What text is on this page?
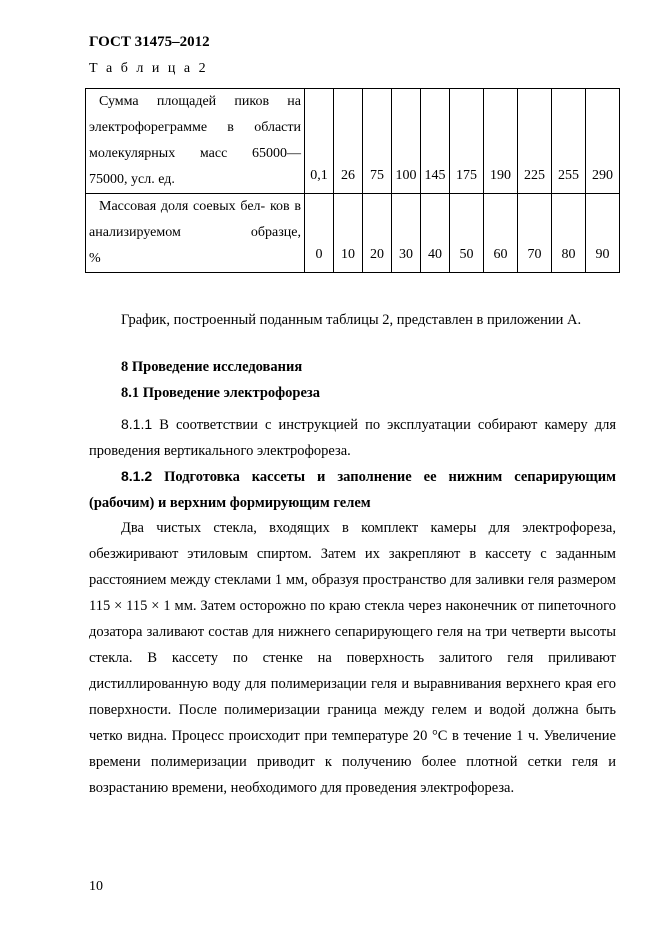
ГОСТ 31475–2012
Т а б л и ц а 2
Сумма площадей пиков на электрофореграмме в области молекулярных масс 65000—
75000, усл. ед.	0,1	26	75	100	145	175	190	225	255	290
Массовая доля соевых бел- ков в анализируемом образце,
%	0	10	20	30	40	50	60	70	80	90
График, построенный поданным таблицы 2, представлен в приложении А.
8 Проведение исследования
8.1 Проведение электрофореза
8.1.1 В соответствии с инструкцией по эксплуатации собирают камеру для проведения вертикального электрофореза.
8.1.2 Подготовка кассеты и заполнение ее нижним сепарирующим (рабочим) и верхним формирующим гелем
Два чистых стекла, входящих в комплект камеры для электрофореза, обезжиривают этиловым спиртом. Затем их закрепляют в кассету с заданным расстоянием между стеклами 1 мм, образуя пространство для заливки геля размером 115 × 115 × 1 мм. Затем осторожно по краю стекла через наконечник от пипеточного дозатора заливают состав для нижнего сепарирующего геля на три четверти высоты стекла. В кассету по стенке на поверхность залитого геля приливают дистиллированную воду для полимеризации геля и выравнивания верхнего края его поверхности. После полимеризации граница между гелем и водой должна быть четко видна. Процесс происходит при температуре 20 °С в течение 1 ч. Увеличение времени полимеризации приводит к получению более плотной сетки геля и возрастанию времени, необходимого для проведения электрофореза.
10
